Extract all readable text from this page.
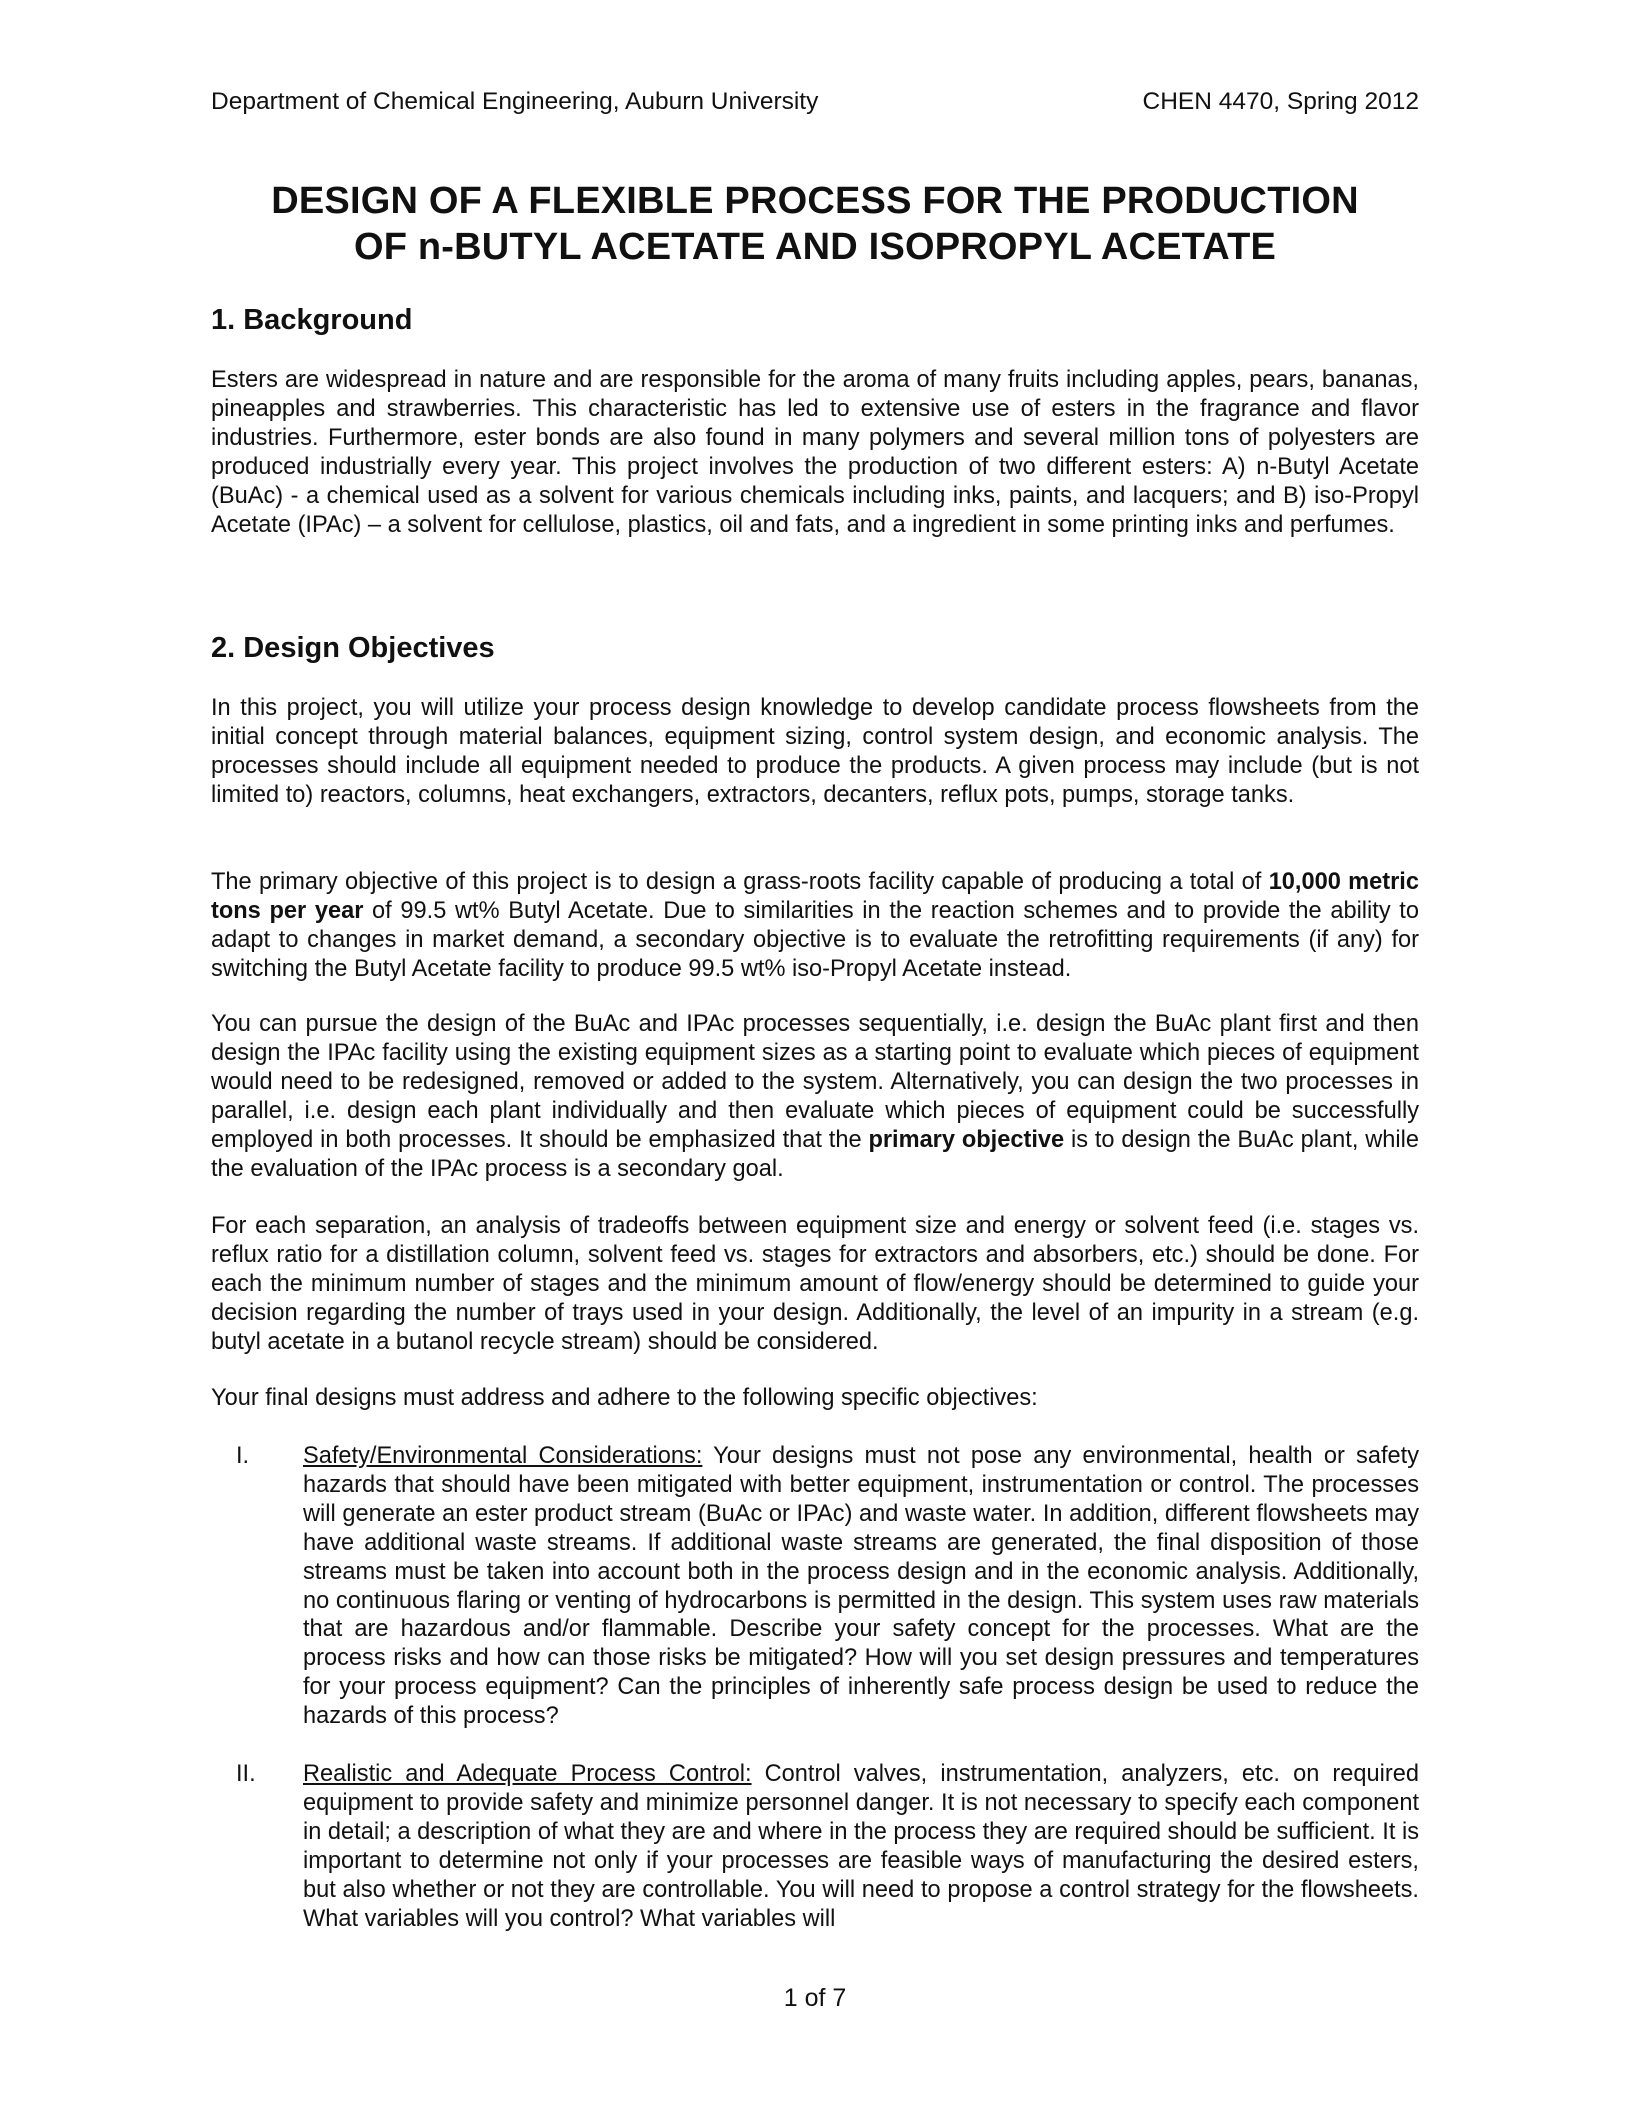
Department of Chemical Engineering, Auburn University	CHEN 4470, Spring 2012
DESIGN OF A FLEXIBLE PROCESS FOR THE PRODUCTION
OF n-BUTYL ACETATE AND ISOPROPYL ACETATE
1. Background
Esters are widespread in nature and are responsible for the aroma of many fruits including apples, pears, bananas, pineapples and strawberries. This characteristic has led to extensive use of esters in the fragrance and flavor industries. Furthermore, ester bonds are also found in many polymers and several million tons of polyesters are produced industrially every year. This project involves the production of two different esters: A) n-Butyl Acetate (BuAc) - a chemical used as a solvent for various chemicals including inks, paints, and lacquers; and B) iso-Propyl Acetate (IPAc) – a solvent for cellulose, plastics, oil and fats, and a ingredient in some printing inks and perfumes.
2. Design Objectives
In this project, you will utilize your process design knowledge to develop candidate process flowsheets from the initial concept through material balances, equipment sizing, control system design, and economic analysis. The processes should include all equipment needed to produce the products. A given process may include (but is not limited to) reactors, columns, heat exchangers, extractors, decanters, reflux pots, pumps, storage tanks.
The primary objective of this project is to design a grass-roots facility capable of producing a total of 10,000 metric tons per year of 99.5 wt% Butyl Acetate. Due to similarities in the reaction schemes and to provide the ability to adapt to changes in market demand, a secondary objective is to evaluate the retrofitting requirements (if any) for switching the Butyl Acetate facility to produce 99.5 wt% iso-Propyl Acetate instead.
You can pursue the design of the BuAc and IPAc processes sequentially, i.e. design the BuAc plant first and then design the IPAc facility using the existing equipment sizes as a starting point to evaluate which pieces of equipment would need to be redesigned, removed or added to the system. Alternatively, you can design the two processes in parallel, i.e. design each plant individually and then evaluate which pieces of equipment could be successfully employed in both processes. It should be emphasized that the primary objective is to design the BuAc plant, while the evaluation of the IPAc process is a secondary goal.
For each separation, an analysis of tradeoffs between equipment size and energy or solvent feed (i.e. stages vs. reflux ratio for a distillation column, solvent feed vs. stages for extractors and absorbers, etc.) should be done. For each the minimum number of stages and the minimum amount of flow/energy should be determined to guide your decision regarding the number of trays used in your design. Additionally, the level of an impurity in a stream (e.g. butyl acetate in a butanol recycle stream) should be considered.
Your final designs must address and adhere to the following specific objectives:
I. Safety/Environmental Considerations: Your designs must not pose any environmental, health or safety hazards that should have been mitigated with better equipment, instrumentation or control. The processes will generate an ester product stream (BuAc or IPAc) and waste water. In addition, different flowsheets may have additional waste streams. If additional waste streams are generated, the final disposition of those streams must be taken into account both in the process design and in the economic analysis. Additionally, no continuous flaring or venting of hydrocarbons is permitted in the design. This system uses raw materials that are hazardous and/or flammable. Describe your safety concept for the processes. What are the process risks and how can those risks be mitigated? How will you set design pressures and temperatures for your process equipment? Can the principles of inherently safe process design be used to reduce the hazards of this process?
II. Realistic and Adequate Process Control: Control valves, instrumentation, analyzers, etc. on required equipment to provide safety and minimize personnel danger. It is not necessary to specify each component in detail; a description of what they are and where in the process they are required should be sufficient. It is important to determine not only if your processes are feasible ways of manufacturing the desired esters, but also whether or not they are controllable. You will need to propose a control strategy for the flowsheets. What variables will you control? What variables will
1 of 7
